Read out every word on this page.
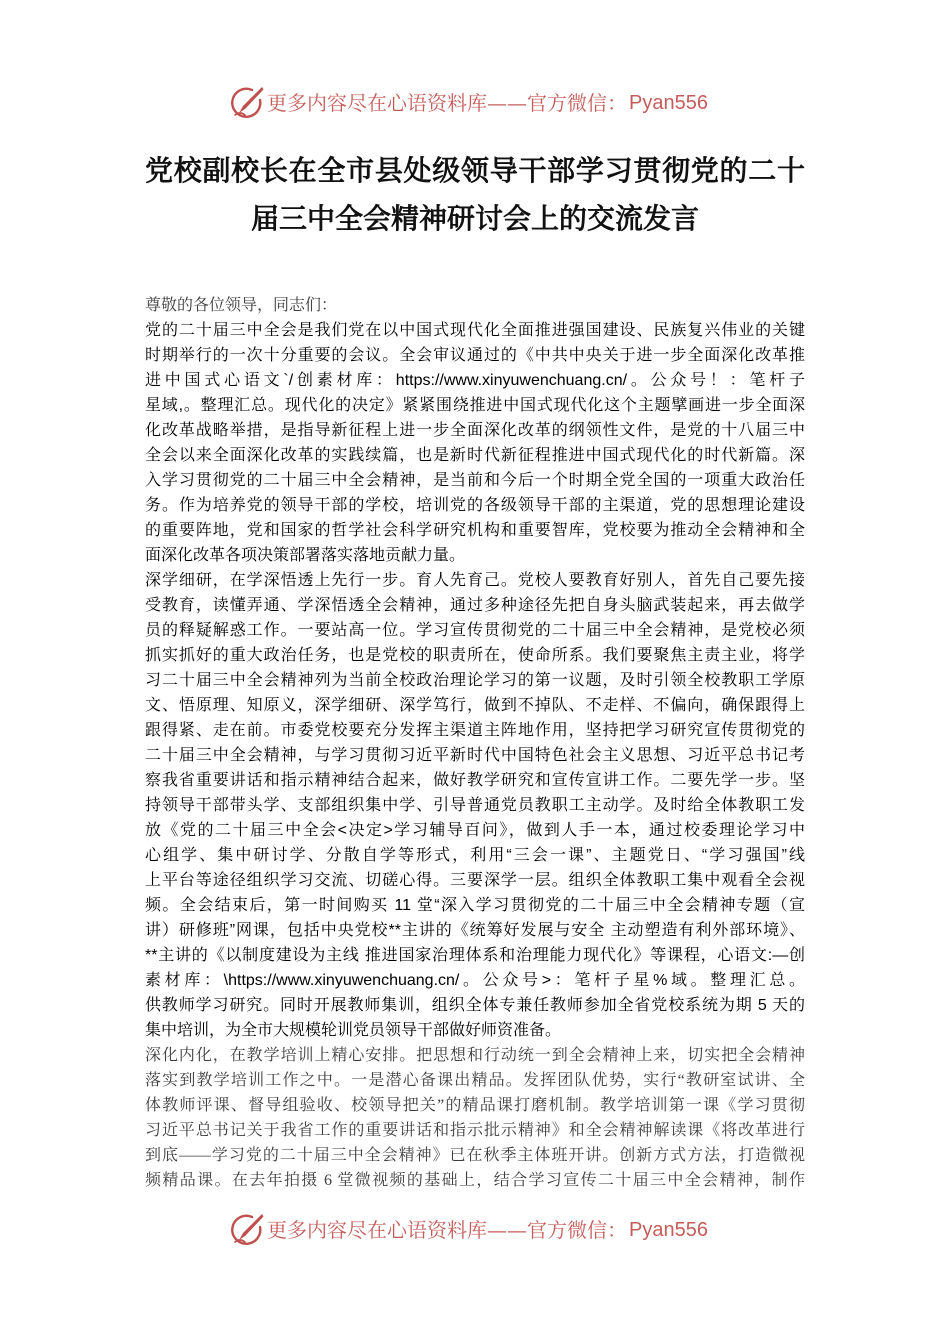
更多内容尽在心语资料库——官方微信： Pyan556
党校副校长在全市县处级领导干部学习贯彻党的二十
届三中全会精神研讨会上的交流发言
尊敬的各位领导，同志们：
党的二十届三中全会是我们党在以中国式现代化全面推进强国建设、民族复兴伟业的关键
时期举行的一次十分重要的会议。全会审议通过的《中共中央关于进一步全面深化改革推
进中国式心语文`/创素材库：https://www.xinyuwenchuang.cn/。公众号！：笔杆子
星域,。整理汇总。现代化的决定》紧紧围绕推进中国式现代化这个主题擘画进一步全面深
化改革战略举措，是指导新征程上进一步全面深化改革的纲领性文件，是党的十八届三中
全会以来全面深化改革的实践续篇，也是新时代新征程推进中国式现代化的时代新篇。深
入学习贯彻党的二十届三中全会精神，是当前和今后一个时期全党全国的一项重大政治任
务。作为培养党的领导干部的学校，培训党的各级领导干部的主渠道，党的思想理论建设
的重要阵地，党和国家的哲学社会科学研究机构和重要智库，党校要为推动全会精神和全
面深化改革各项决策部署落实落地贡献力量。
深学细研，在学深悟透上先行一步。育人先育己。党校人要教育好别人，首先自己要先接
受教育，读懂弄通、学深悟透全会精神，通过多种途径先把自身头脑武装起来，再去做学
员的释疑解惑工作。一要站高一位。学习宣传贯彻党的二十届三中全会精神，是党校必须
抓实抓好的重大政治任务，也是党校的职责所在，使命所系。我们要聚焦主责主业，将学
习二十届三中全会精神列为当前全校政治理论学习的第一议题，及时引领全校教职工学原
文、悟原理、知原义，深学细研、深学笃行，做到不掉队、不走样、不偏向，确保跟得上
跟得紧、走在前。市委党校要充分发挥主渠道主阵地作用，坚持把学习研究宣传贯彻党的
二十届三中全会精神，与学习贯彻习近平新时代中国特色社会主义思想、习近平总书记考
察我省重要讲话和指示精神结合起来，做好教学研究和宣传宣讲工作。二要先学一步。坚
持领导干部带头学、支部组织集中学、引导普通党员教职工主动学。及时给全体教职工发
放《党的二十届三中全会<决定>学习辅导百问》，做到人手一本，通过校委理论学习中
心组学、集中研讨学、分散自学等形式，利用“三会一课”、主题党日、“学习强国”线
上平台等途径组织学习交流、切磋心得。三要深学一层。组织全体教职工集中观看全会视
频。全会结束后，第一时间购买 11 堂“深入学习贯彻党的二十届三中全会精神专题（宣
讲）研修班”网课，包括中央党校**主讲的《统筹好发展与安全 主动塑造有利外部环境》、
**主讲的《以制度建设为主线 推进国家治理体系和治理能力现代化》等课程，心语文:—创
素材库：\https://www.xinyuwenchuang.cn/。公众号>：笔杆子星%域。整理汇总。
供教师学习研究。同时开展教师集训，组织全体专兼任教师参加全省党校系统为期 5 天的
集中培训，为全市大规模轮训党员领导干部做好师资准备。
深化内化，在教学培训上精心安排。把思想和行动统一到全会精神上来，切实把全会精神
落实到教学培训工作之中。一是潜心备课出精品。发挥团队优势，实行“教研室试讲、全
体教师评课、督导组验收、校领导把关”的精品课打磨机制。教学培训第一课《学习贯彻
习近平总书记关于我省工作的重要讲话和指示批示精神》和全会精神解读课《将改革进行
到底——学习党的二十届三中全会精神》已在秋季主体班开讲。创新方式方法，打造微视
频精品课。在去年拍摄 6 堂微视频的基础上，结合学习宣传二十届三中全会精神，制作
更多内容尽在心语资料库——官方微信： Pyan556
